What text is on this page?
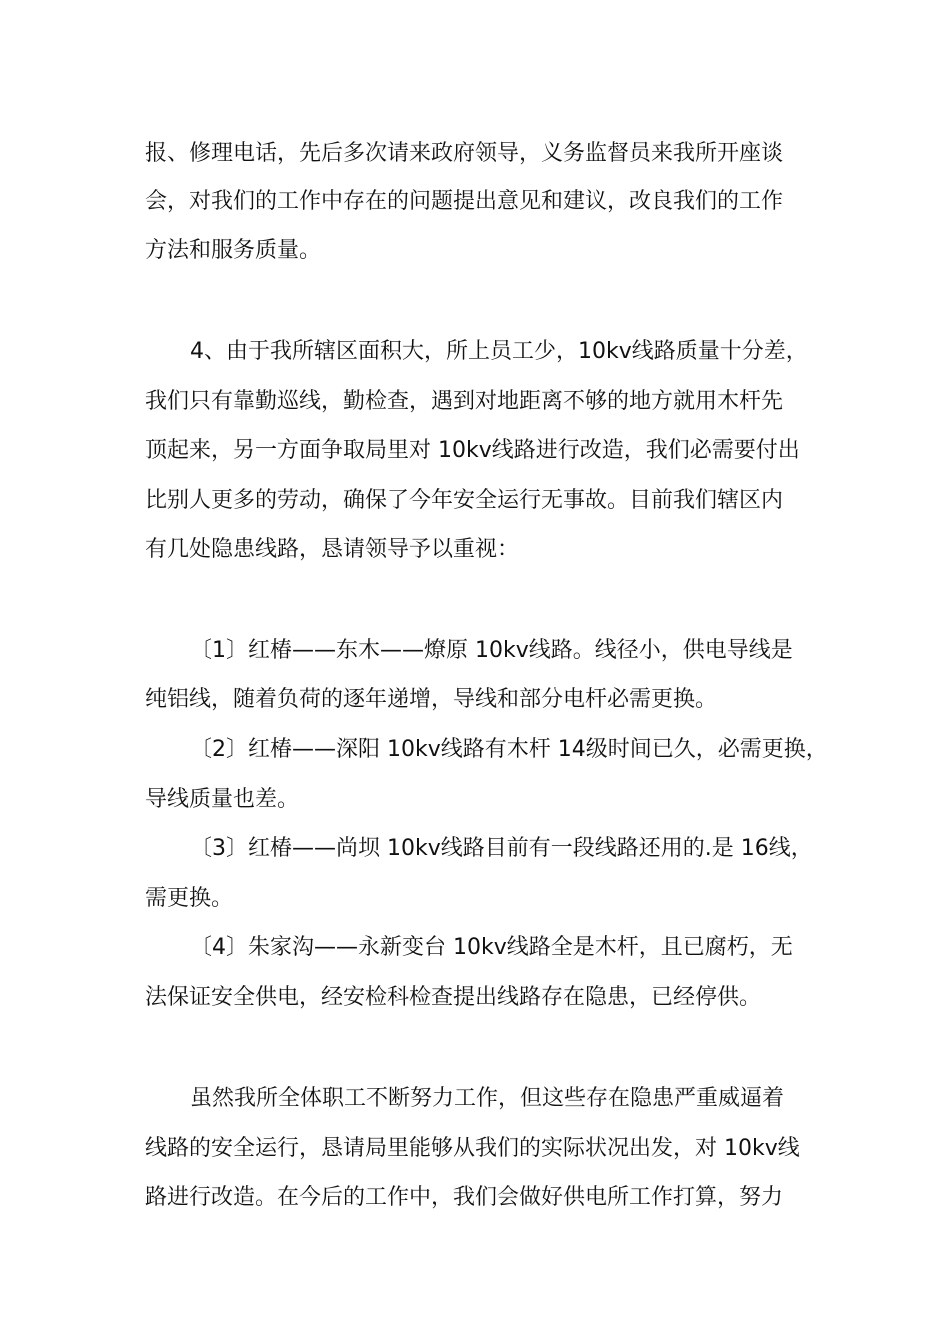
报、修理电话，先后多次请来政府领导，义务监督员来我所开座谈
会，对我们的工作中存在的问题提出意见和建议，改良我们的工作
方法和服务质量。
4、由于我所辖区面积大，所上员工少，10kv线路质量十分差，
我们只有靠勤巡线，勤检查，遇到对地距离不够的地方就用木杆先
顶起来，另一方面争取局里对 10kv线路进行改造，我们必需要付出
比别人更多的劳动，确保了今年安全运行无事故。目前我们辖区内
有几处隐患线路，恳请领导予以重视：
〔1〕红椿——东木——燎原 10kv线路。线径小，供电导线是
纯铝线，随着负荷的逐年递增，导线和部分电杆必需更换。
〔2〕红椿——深阳 10kv线路有木杆 14级时间已久，必需更换，
导线质量也差。
〔3〕红椿——尚坝 10kv线路目前有一段线路还用的.是 16线，
需更换。
〔4〕朱家沟——永新变台 10kv线路全是木杆，且已腐朽，无
法保证安全供电，经安检科检查提出线路存在隐患，已经停供。
虽然我所全体职工不断努力工作，但这些存在隐患严重威逼着
线路的安全运行，恳请局里能够从我们的实际状况出发，对 10kv线
路进行改造。在今后的工作中，我们会做好供电所工作打算，努力
